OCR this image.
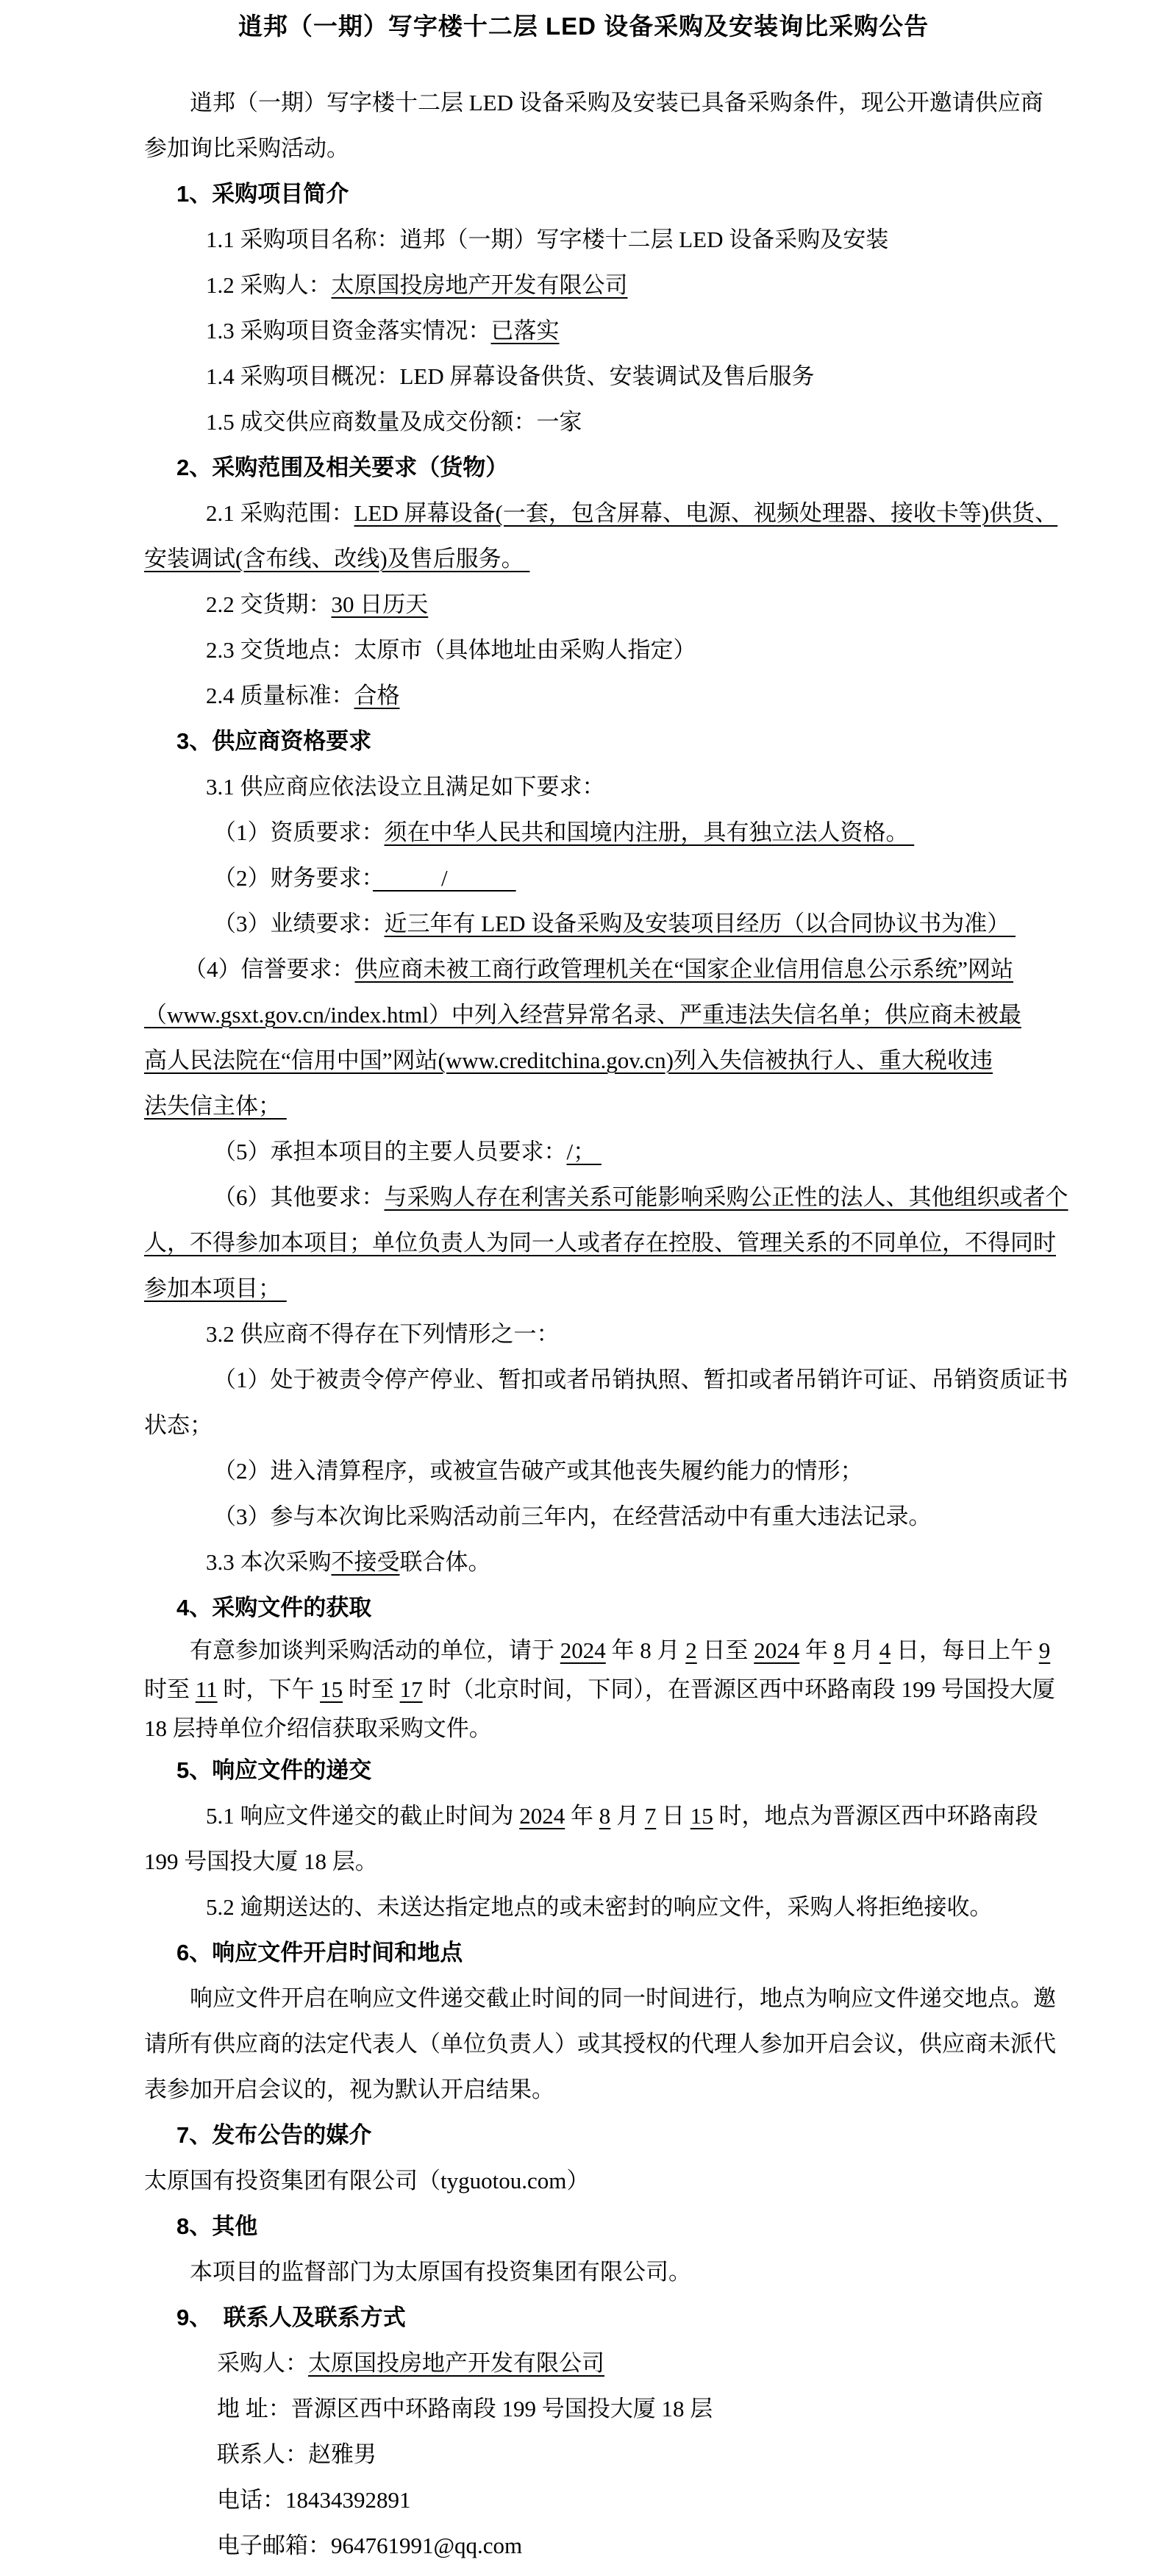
逍邦（一期）写字楼十二层 LED 设备采购及安装询比采购公告
逍邦（一期）写字楼十二层 LED 设备采购及安装已具备采购条件，现公开邀请供应商
参加询比采购活动。
1、采购项目简介
1.1 采购项目名称：逍邦（一期）写字楼十二层 LED 设备采购及安装
1.2 采购人：太原国投房地产开发有限公司
1.3 采购项目资金落实情况：已落实
1.4 采购项目概况：LED 屏幕设备供货、安装调试及售后服务
1.5 成交供应商数量及成交份额：一家
2、采购范围及相关要求（货物）
2.1 采购范围：LED 屏幕设备(一套，包含屏幕、电源、视频处理器、接收卡等)供货、
安装调试(含布线、改线)及售后服务。
2.2 交货期：30 日历天
2.3 交货地点：太原市（具体地址由采购人指定）
2.4 质量标准：合格
3、供应商资格要求
3.1 供应商应依法设立且满足如下要求：
（1）资质要求：须在中华人民共和国境内注册，具有独立法人资格。
（2）财务要求：　　　/　　　
（3）业绩要求：近三年有 LED 设备采购及安装项目经历（以合同协议书为准）
（4）信誉要求：供应商未被工商行政管理机关在“国家企业信用信息公示系统”网站
（www.gsxt.gov.cn/index.html）中列入经营异常名录、严重违法失信名单；供应商未被最
高人民法院在“信用中国”网站(www.creditchina.gov.cn)列入失信被执行人、重大税收违
法失信主体；
（5）承担本项目的主要人员要求：/；
（6）其他要求：与采购人存在利害关系可能影响采购公正性的法人、其他组织或者个
人，不得参加本项目；单位负责人为同一人或者存在控股、管理关系的不同单位，不得同时
参加本项目；
3.2 供应商不得存在下列情形之一：
（1）处于被责令停产停业、暂扣或者吊销执照、暂扣或者吊销许可证、吊销资质证书
状态；
（2）进入清算程序，或被宣告破产或其他丧失履约能力的情形；
（3）参与本次询比采购活动前三年内，在经营活动中有重大违法记录。
3.3 本次采购不接受联合体。
4、采购文件的获取
有意参加谈判采购活动的单位，请于 2024 年 8 月 2 日至 2024 年 8 月 4 日，每日上午 9
时至 11 时，下午 15 时至 17 时（北京时间，下同），在晋源区西中环路南段 199 号国投大厦
18 层持单位介绍信获取采购文件。
5、响应文件的递交
5.1 响应文件递交的截止时间为 2024 年 8 月 7 日 15 时，地点为晋源区西中环路南段
199 号国投大厦 18 层。
5.2 逾期送达的、未送达指定地点的或未密封的响应文件，采购人将拒绝接收。
6、响应文件开启时间和地点
响应文件开启在响应文件递交截止时间的同一时间进行，地点为响应文件递交地点。邀
请所有供应商的法定代表人（单位负责人）或其授权的代理人参加开启会议，供应商未派代
表参加开启会议的，视为默认开启结果。
7、发布公告的媒介
太原国有投资集团有限公司（tyguotou.com）
8、其他
本项目的监督部门为太原国有投资集团有限公司。
9、　联系人及联系方式
采购人：太原国投房地产开发有限公司
地 址：晋源区西中环路南段 199 号国投大厦 18 层
联系人：赵雅男
电话：18434392891
电子邮箱：964761991@qq.com
